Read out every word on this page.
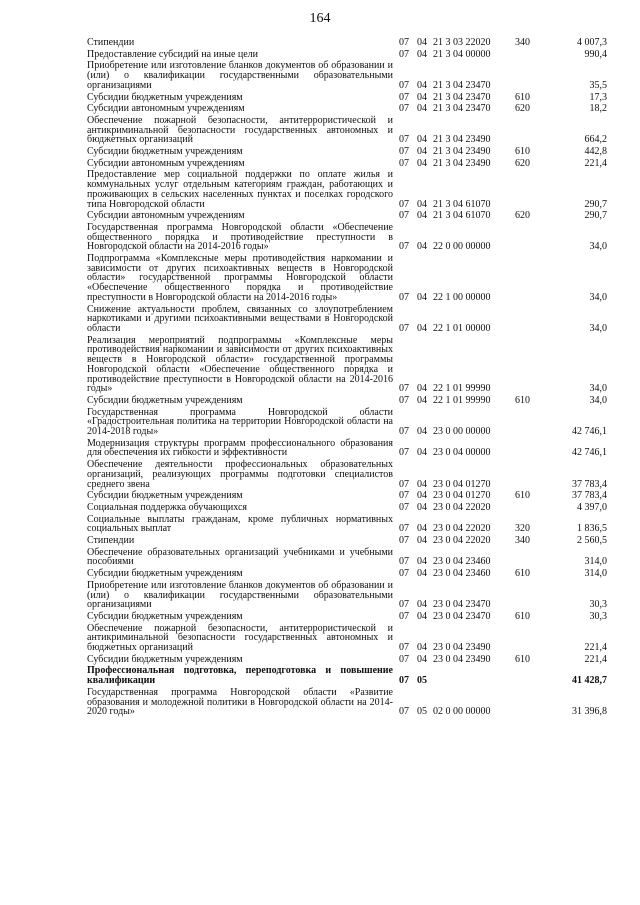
164
Стипендии	07 04 21 3 03 22020	340	4 007,3
Предоставление субсидий на иные цели	07 04 21 3 04 00000	990,4
Приобретение или изготовление бланков документов об образовании и (или) о квалификации государственными образовательными организациями	07 04 21 3 04 23470	35,5
Субсидии бюджетным учреждениям	07 04 21 3 04 23470	610	17,3
Субсидии автономным учреждениям	07 04 21 3 04 23470	620	18,2
Обеспечение пожарной безопасности, антитеррористической и антикриминальной безопасности государственных автономных и бюджетных организаций	07 04 21 3 04 23490	664,2
Субсидии бюджетным учреждениям	07 04 21 3 04 23490	610	442,8
Субсидии автономным учреждениям	07 04 21 3 04 23490	620	221,4
Предоставление мер социальной поддержки по оплате жилья и коммунальных услуг отдельным категориям граждан, работающих и проживающих в сельских населенных пунктах и поселках городского типа Новгородской области	07 04 21 3 04 61070	290,7
Субсидии автономным учреждениям	07 04 21 3 04 61070	620	290,7
Государственная программа Новгородской области «Обеспечение общественного порядка и противодействие преступности в Новгородской области на 2014-2016 годы»	07 04 22 0 00 00000	34,0
Подпрограмма «Комплексные меры противодействия наркомании и зависимости от других психоактивных веществ в Новгородской области» государственной программы Новгородской области «Обеспечение общественного порядка и противодействие преступности в Новгородской области на 2014-2016 годы»	07 04 22 1 00 00000	34,0
Снижение актуальности проблем, связанных со злоупотреблением наркотиками и другими психоактивными веществами в Новгородской области	07 04 22 1 01 00000	34,0
Реализация мероприятий подпрограммы «Комплексные меры противодействия наркомании и зависимости от других психоактивных веществ в Новгородской области» государственной программы Новгородской области «Обеспечение общественного порядка и противодействие преступности в Новгородской области на 2014-2016 годы»	07 04 22 1 01 99990	34,0
Субсидии бюджетным учреждениям	07 04 22 1 01 99990	610	34,0
Государственная программа Новгородской области «Градостроительная политика на территории Новгородской области на 2014-2018 годы»	07 04 23 0 00 00000	42 746,1
Модернизация структуры программ профессионального образования для обеспечения их гибкости и эффективности	07 04 23 0 04 00000	42 746,1
Обеспечение деятельности профессиональных образовательных организаций, реализующих программы подготовки специалистов среднего звена	07 04 23 0 04 01270	37 783,4
Субсидии бюджетным учреждениям	07 04 23 0 04 01270	610	37 783,4
Социальная поддержка обучающихся	07 04 23 0 04 22020	4 397,0
Социальные выплаты гражданам, кроме публичных нормативных социальных выплат	07 04 23 0 04 22020	320	1 836,5
Стипендии	07 04 23 0 04 22020	340	2 560,5
Обеспечение образовательных организаций учебниками и учебными пособиями	07 04 23 0 04 23460	314,0
Субсидии бюджетным учреждениям	07 04 23 0 04 23460	610	314,0
Приобретение или изготовление бланков документов об образовании и (или) о квалификации государственными образовательными организациями	07 04 23 0 04 23470	30,3
Субсидии бюджетным учреждениям	07 04 23 0 04 23470	610	30,3
Обеспечение пожарной безопасности, антитеррористической и антикриминальной безопасности государственных автономных и бюджетных организаций	07 04 23 0 04 23490	221,4
Субсидии бюджетным учреждениям	07 04 23 0 04 23490	610	221,4
Профессиональная подготовка, переподготовка и повышение квалификации	07 05	41 428,7
Государственная программа Новгородской области «Развитие образования и молодежной политики в Новгородской области на 2014-2020 годы»	07 05 02 0 00 00000	31 396,8
